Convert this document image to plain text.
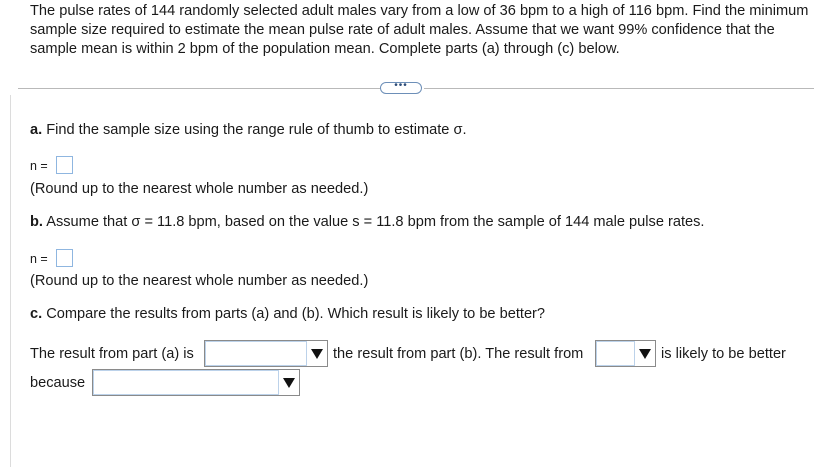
The pulse rates of 144 randomly selected adult males vary from a low of 36 bpm to a high of 116 bpm. Find the minimum sample size required to estimate the mean pulse rate of adult males. Assume that we want 99% confidence that the sample mean is within 2 bpm of the population mean. Complete parts (a) through (c) below.
•••
a. Find the sample size using the range rule of thumb to estimate σ.
n =
(Round up to the nearest whole number as needed.)
b. Assume that σ = 11.8 bpm, based on the value s = 11.8 bpm from the sample of 144 male pulse rates.
n =
(Round up to the nearest whole number as needed.)
c. Compare the results from parts (a) and (b). Which result is likely to be better?
The result from part (a) is	the result from part (b). The result from	is likely to be better
because
